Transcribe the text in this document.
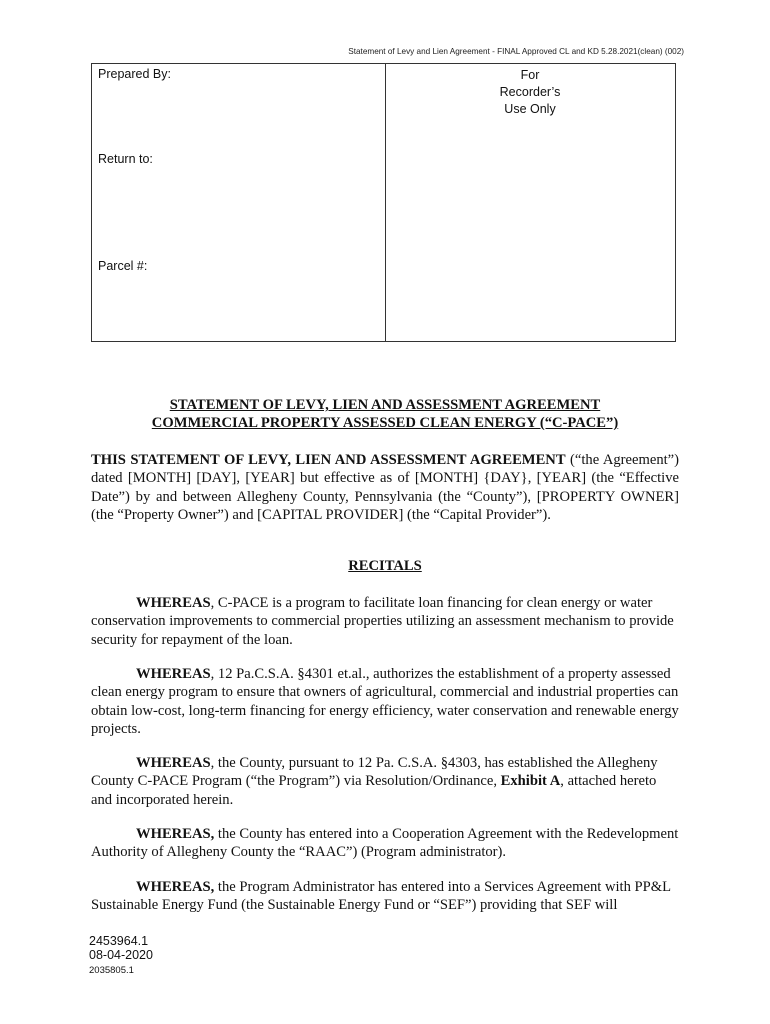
Statement of Levy and Lien Agreement - FINAL Approved CL and KD 5.28.2021(clean) (002)
Prepared By:
Return to:
Parcel #:
For
Recorder’s
Use Only
STATEMENT OF LEVY, LIEN AND ASSESSMENT AGREEMENT
COMMERCIAL PROPERTY ASSESSED CLEAN ENERGY (“C-PACE”)
THIS STATEMENT OF LEVY, LIEN AND ASSESSMENT AGREEMENT (“the Agreement”) dated [MONTH] [DAY], [YEAR] but effective as of [MONTH] {DAY}, [YEAR] (the “Effective Date”) by and between Allegheny County, Pennsylvania (the “County”), [PROPERTY OWNER] (the “Property Owner”) and [CAPITAL PROVIDER] (the “Capital Provider”).
RECITALS
WHEREAS, C-PACE is a program to facilitate loan financing for clean energy or water conservation improvements to commercial properties utilizing an assessment mechanism to provide security for repayment of the loan.
WHEREAS, 12 Pa.C.S.A. §4301 et.al., authorizes the establishment of a property assessed clean energy program to ensure that owners of agricultural, commercial and industrial properties can obtain low-cost, long-term financing for energy efficiency, water conservation and renewable energy projects.
WHEREAS, the County, pursuant to 12 Pa. C.S.A. §4303, has established the Allegheny County C-PACE Program (“the Program”) via Resolution/Ordinance, Exhibit A, attached hereto and incorporated herein.
WHEREAS, the County has entered into a Cooperation Agreement with the Redevelopment Authority of Allegheny County the “RAAC”) (Program administrator).
WHEREAS, the Program Administrator has entered into a Services Agreement with PP&L Sustainable Energy Fund (the Sustainable Energy Fund or “SEF”) providing that SEF will
2453964.1
08-04-2020
2035805.1
